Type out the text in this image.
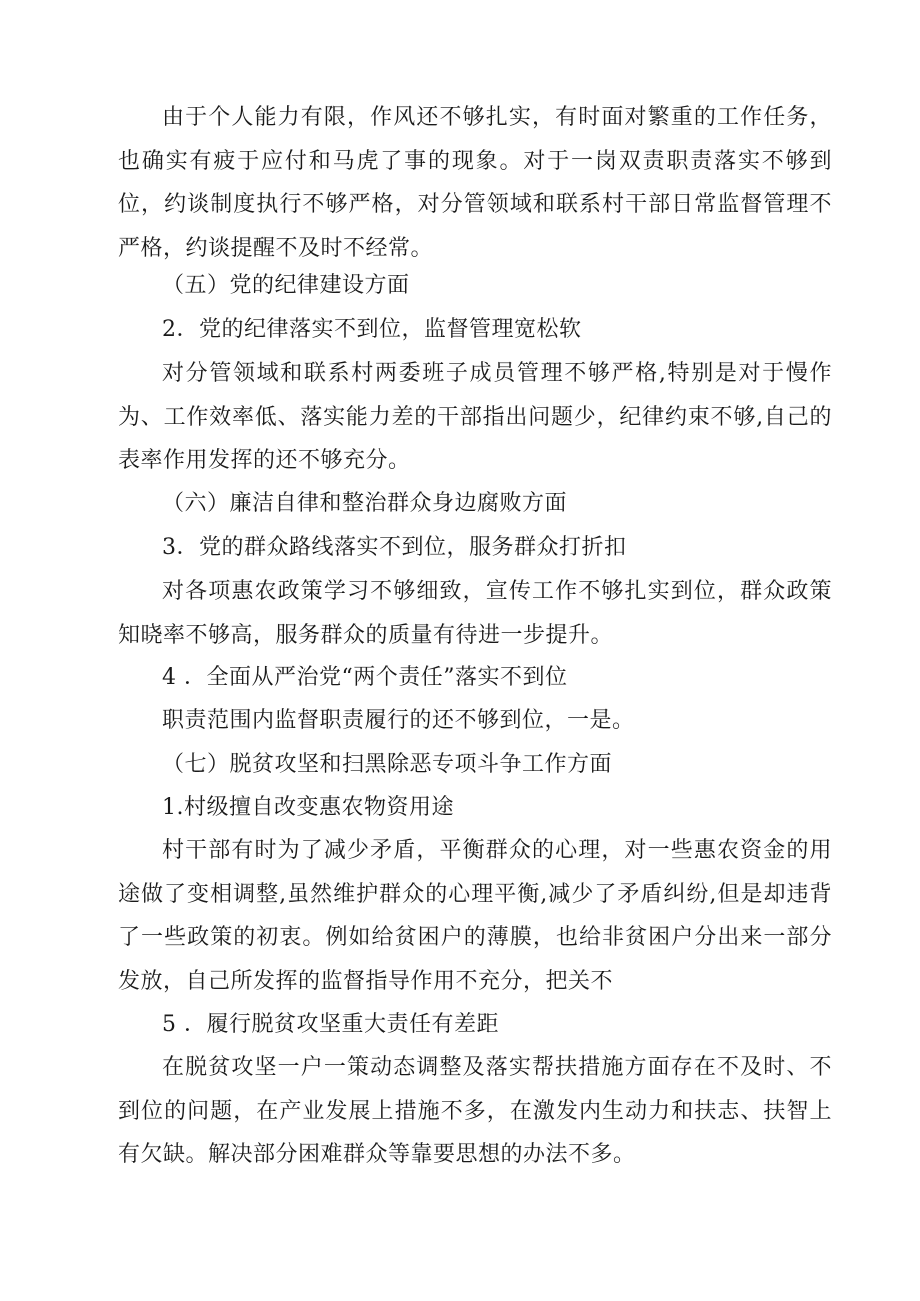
由于个人能力有限，作风还不够扎实，有时面对繁重的工作任务，也确实有疲于应付和马虎了事的现象。对于一岗双责职责落实不够到位，约谈制度执行不够严格，对分管领域和联系村干部日常监督管理不严格，约谈提醒不及时不经常。

（五）党的纪律建设方面

2．党的纪律落实不到位，监督管理宽松软

对分管领域和联系村两委班子成员管理不够严格,特别是对于慢作为、工作效率低、落实能力差的干部指出问题少，纪律约束不够,自己的表率作用发挥的还不够充分。

（六）廉洁自律和整治群众身边腐败方面

3．党的群众路线落实不到位，服务群众打折扣

对各项惠农政策学习不够细致，宣传工作不够扎实到位，群众政策知晓率不够高，服务群众的质量有待进一步提升。

4 ．全面从严治党“两个责任”落实不到位

职责范围内监督职责履行的还不够到位，一是。

（七）脱贫攻坚和扫黑除恶专项斗争工作方面

1.村级擅自改变惠农物资用途

村干部有时为了减少矛盾，平衡群众的心理，对一些惠农资金的用途做了变相调整,虽然维护群众的心理平衡,减少了矛盾纠纷,但是却违背了一些政策的初衷。例如给贫困户的薄膜，也给非贫困户分出来一部分发放，自己所发挥的监督指导作用不充分，把关不

5 ．履行脱贫攻坚重大责任有差距

在脱贫攻坚一户一策动态调整及落实帮扶措施方面存在不及时、不到位的问题，在产业发展上措施不多，在激发内生动力和扶志、扶智上有欠缺。解决部分困难群众等靠要思想的办法不多。
